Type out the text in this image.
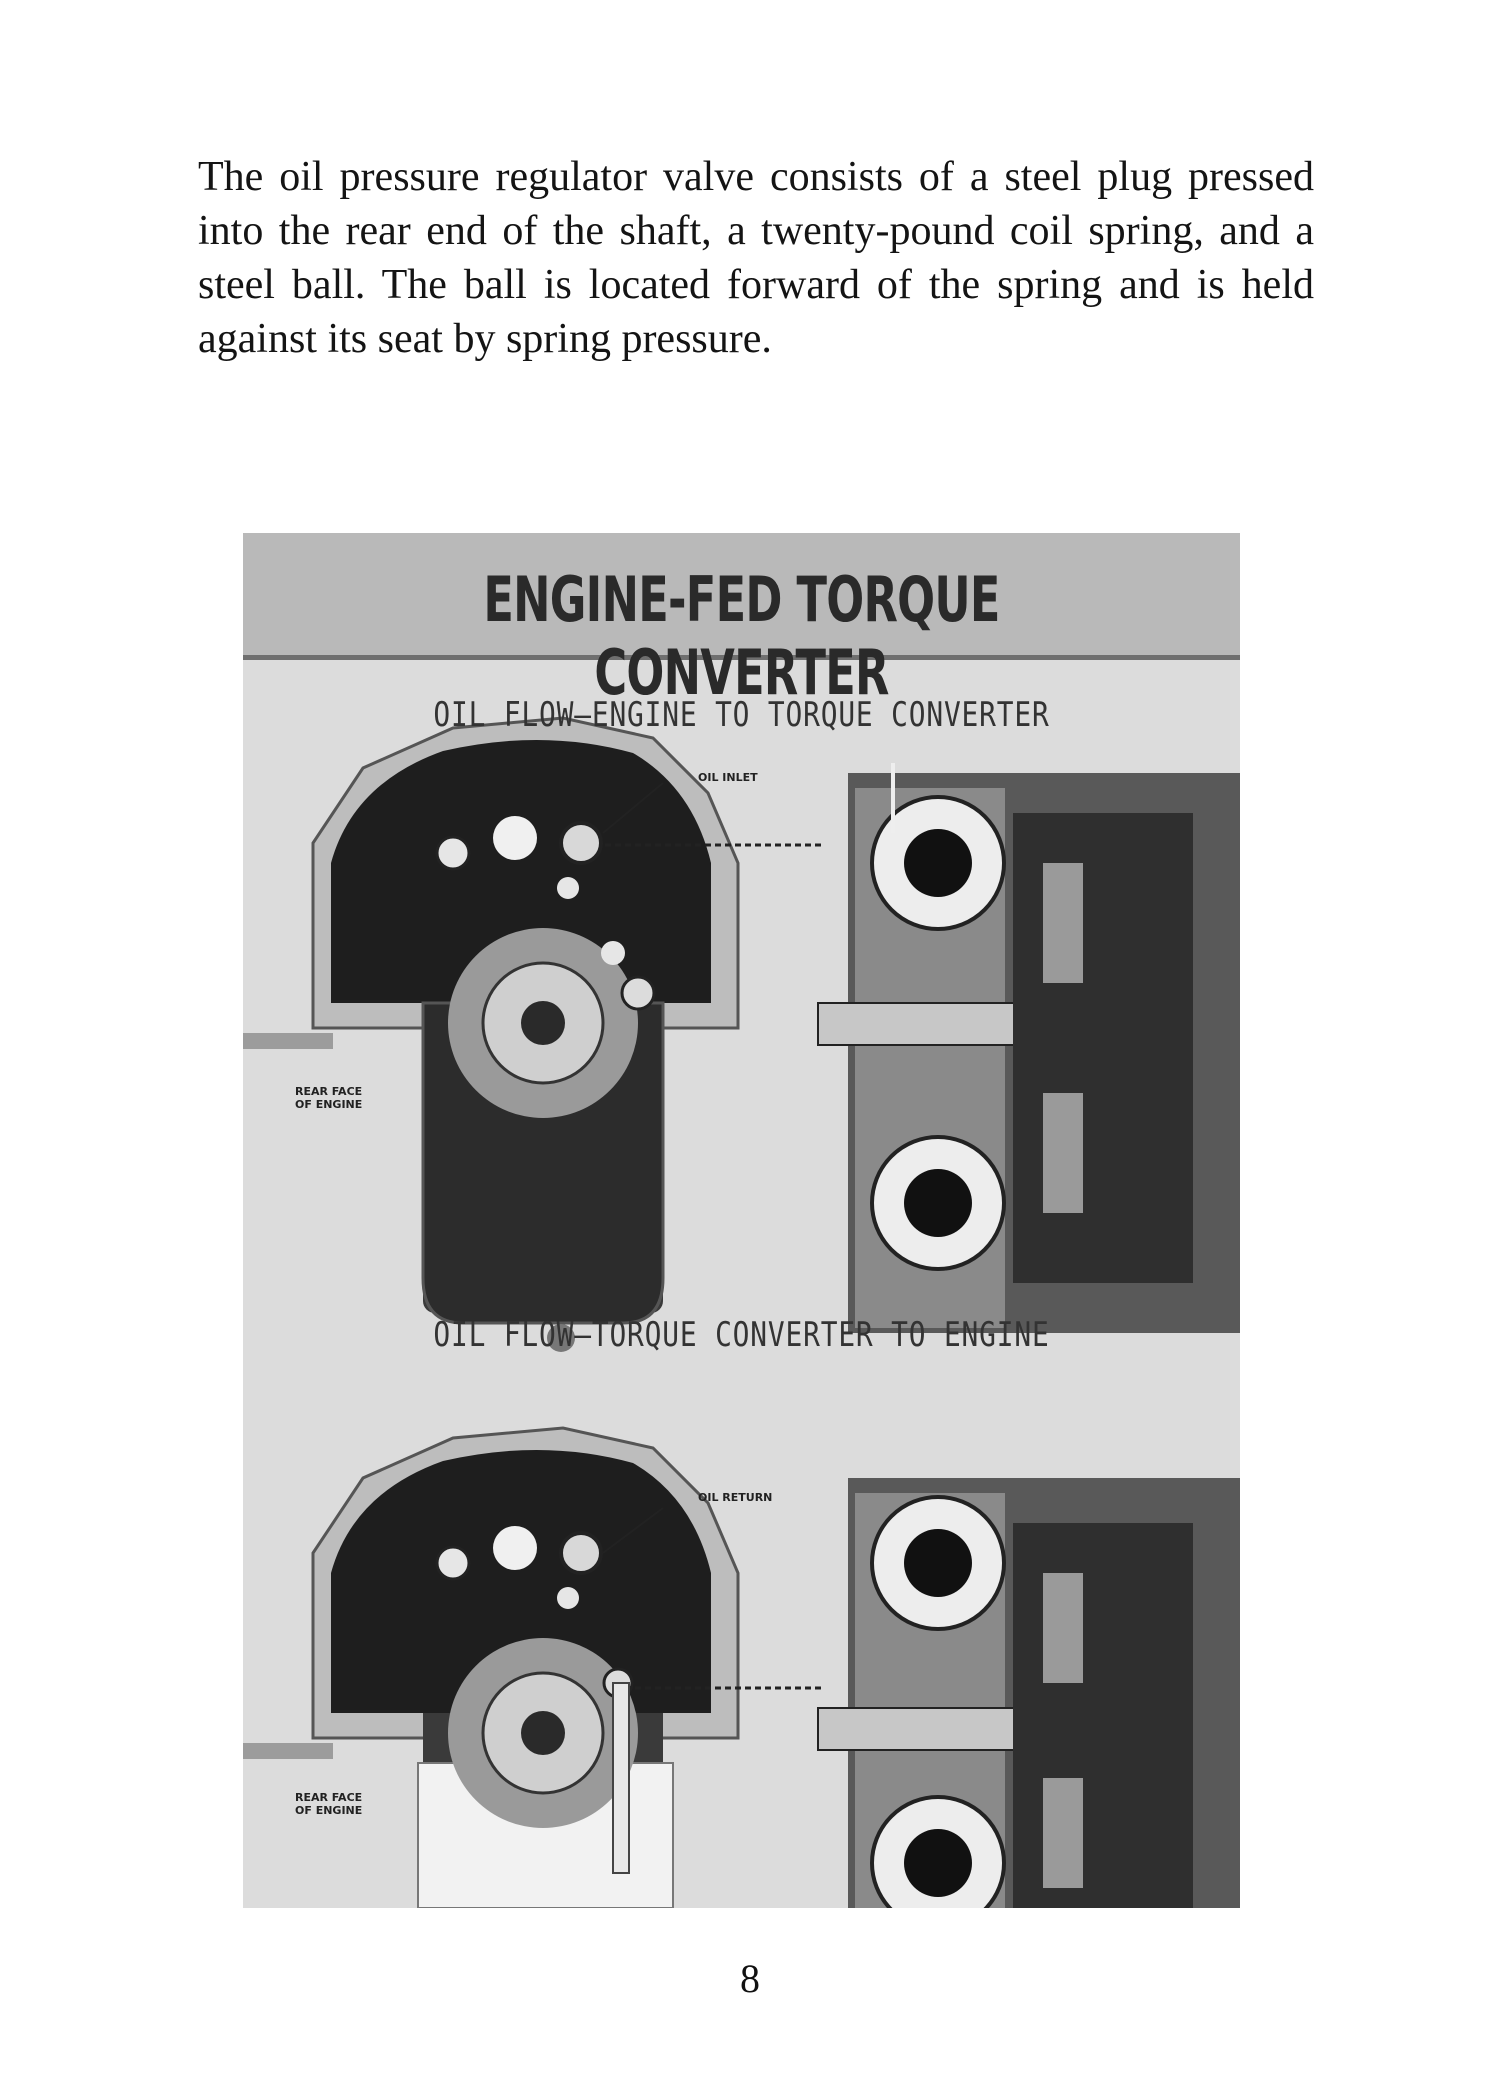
The oil pressure regulator valve consists of a steel plug pressed into the rear end of the shaft, a twenty-pound coil spring, and a steel ball. The ball is located forward of the spring and is held against its seat by spring pressure.

ENGINE-FED TORQUE CONVERTER
OIL FLOW—ENGINE TO TORQUE CONVERTER
OIL FLOW—TORQUE CONVERTER TO ENGINE
OIL INLET
OIL RETURN
REAR FACE
OF ENGINE
REAR FACE
OF ENGINE
8
